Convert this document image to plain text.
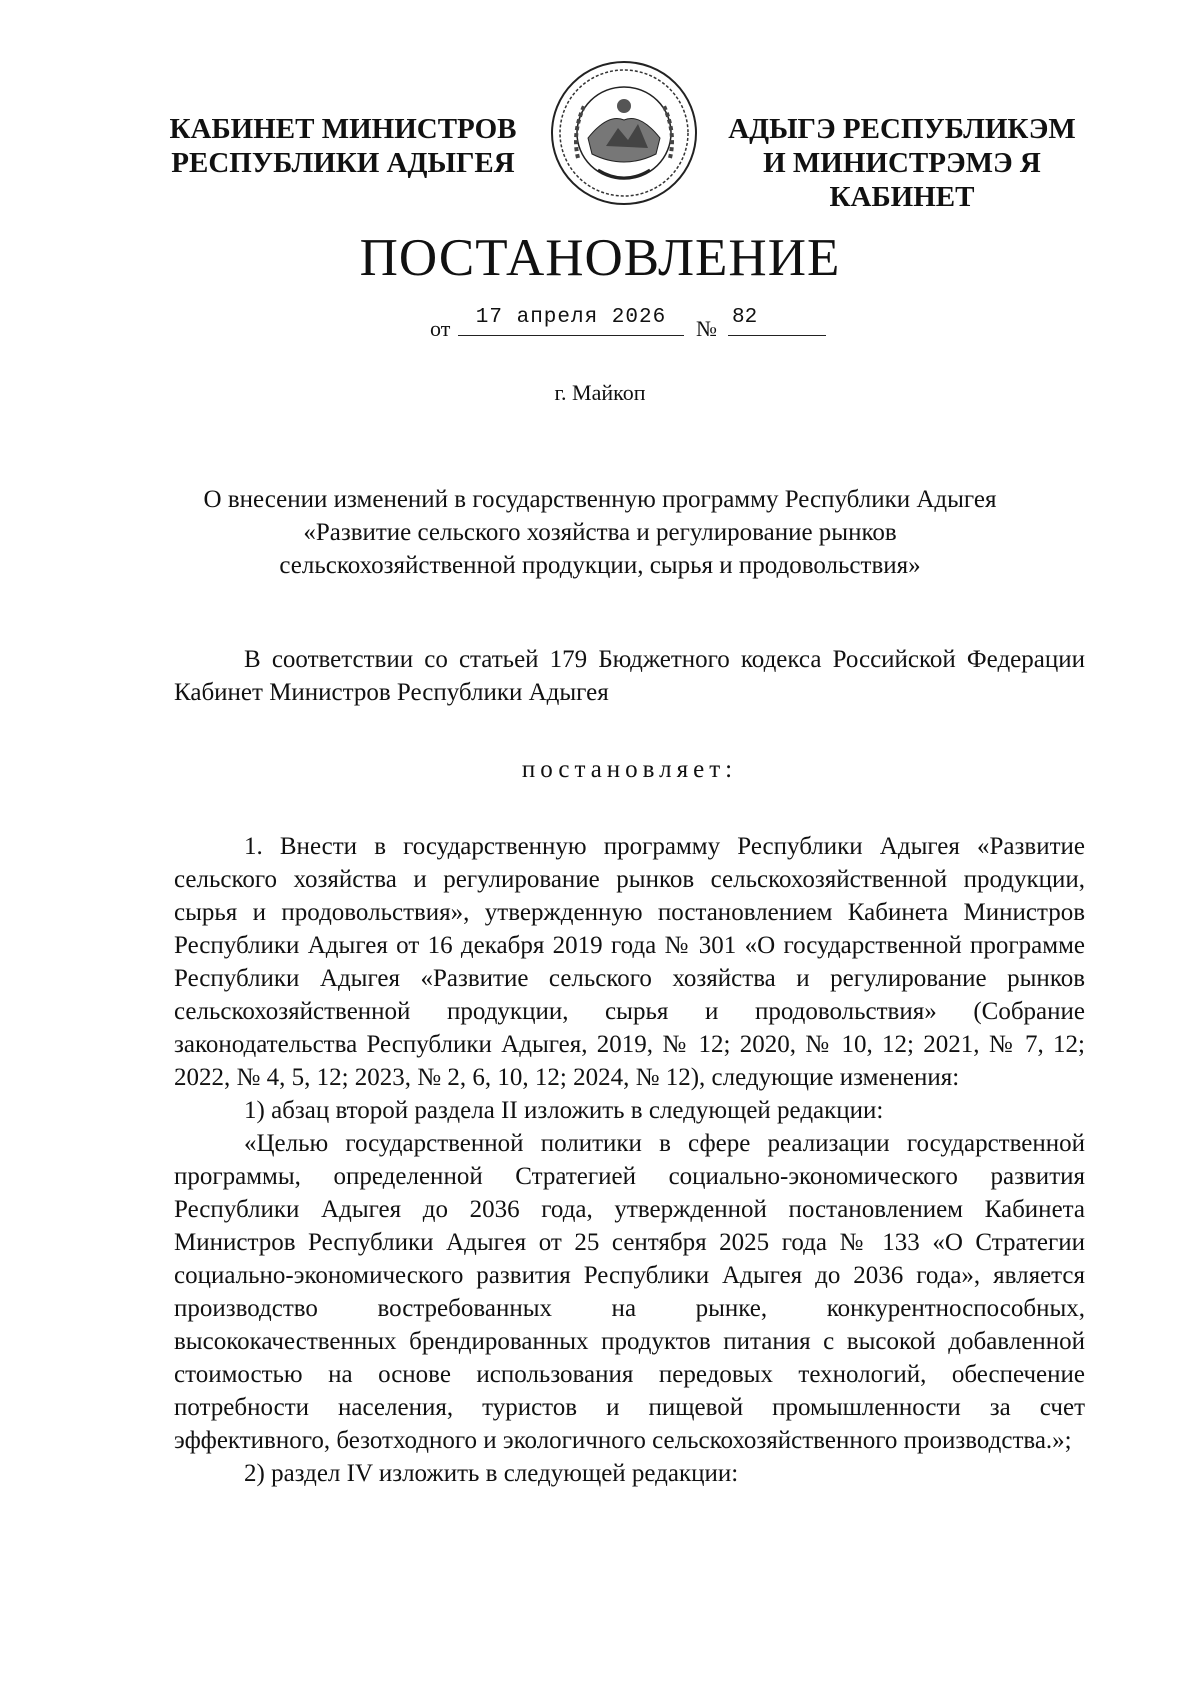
КАБИНЕТ МИНИСТРОВ
РЕСПУБЛИКИ АДЫГЕЯ
АДЫГЭ РЕСПУБЛИКЭМ
И МИНИСТРЭМЭ Я КАБИНЕТ
ПОСТАНОВЛЕНИЕ
от	17 апреля 2026	№ 82
г. Майкоп
О внесении изменений в государственную программу Республики Адыгея
«Развитие сельского хозяйства и регулирование рынков
сельскохозяйственной продукции, сырья и продовольствия»

В соответствии со статьей 179 Бюджетного кодекса Российской Федерации Кабинет Министров Республики Адыгея

постановляет:

1. Внести в государственную программу Республики Адыгея «Развитие сельского хозяйства и регулирование рынков сельскохозяйственной продукции, сырья и продовольствия», утвержденную постановлением Кабинета Министров Республики Адыгея от 16 декабря 2019 года № 301 «О государственной программе Республики Адыгея «Развитие сельского хозяйства и регулирование рынков сельскохозяйственной продукции, сырья и продовольствия» (Собрание законодательства Республики Адыгея, 2019, № 12; 2020, № 10, 12; 2021, № 7, 12; 2022, № 4, 5, 12; 2023, № 2, 6, 10, 12; 2024, № 12), следующие изменения:

1) абзац второй раздела II изложить в следующей редакции:

«Целью государственной политики в сфере реализации государственной программы, определенной Стратегией социально-экономического развития Республики Адыгея до 2036 года, утвержденной постановлением Кабинета Министров Республики Адыгея от 25 сентября 2025 года № 133 «О Стратегии социально-экономического развития Республики Адыгея до 2036 года», является производство востребованных на рынке, конкурентноспособных, высококачественных брендированных продуктов питания с высокой добавленной стоимостью на основе использования передовых технологий, обеспечение потребности населения, туристов и пищевой промышленности за счет эффективного, безотходного и экологичного сельскохозяйственного производства.»;

2) раздел IV изложить в следующей редакции:
